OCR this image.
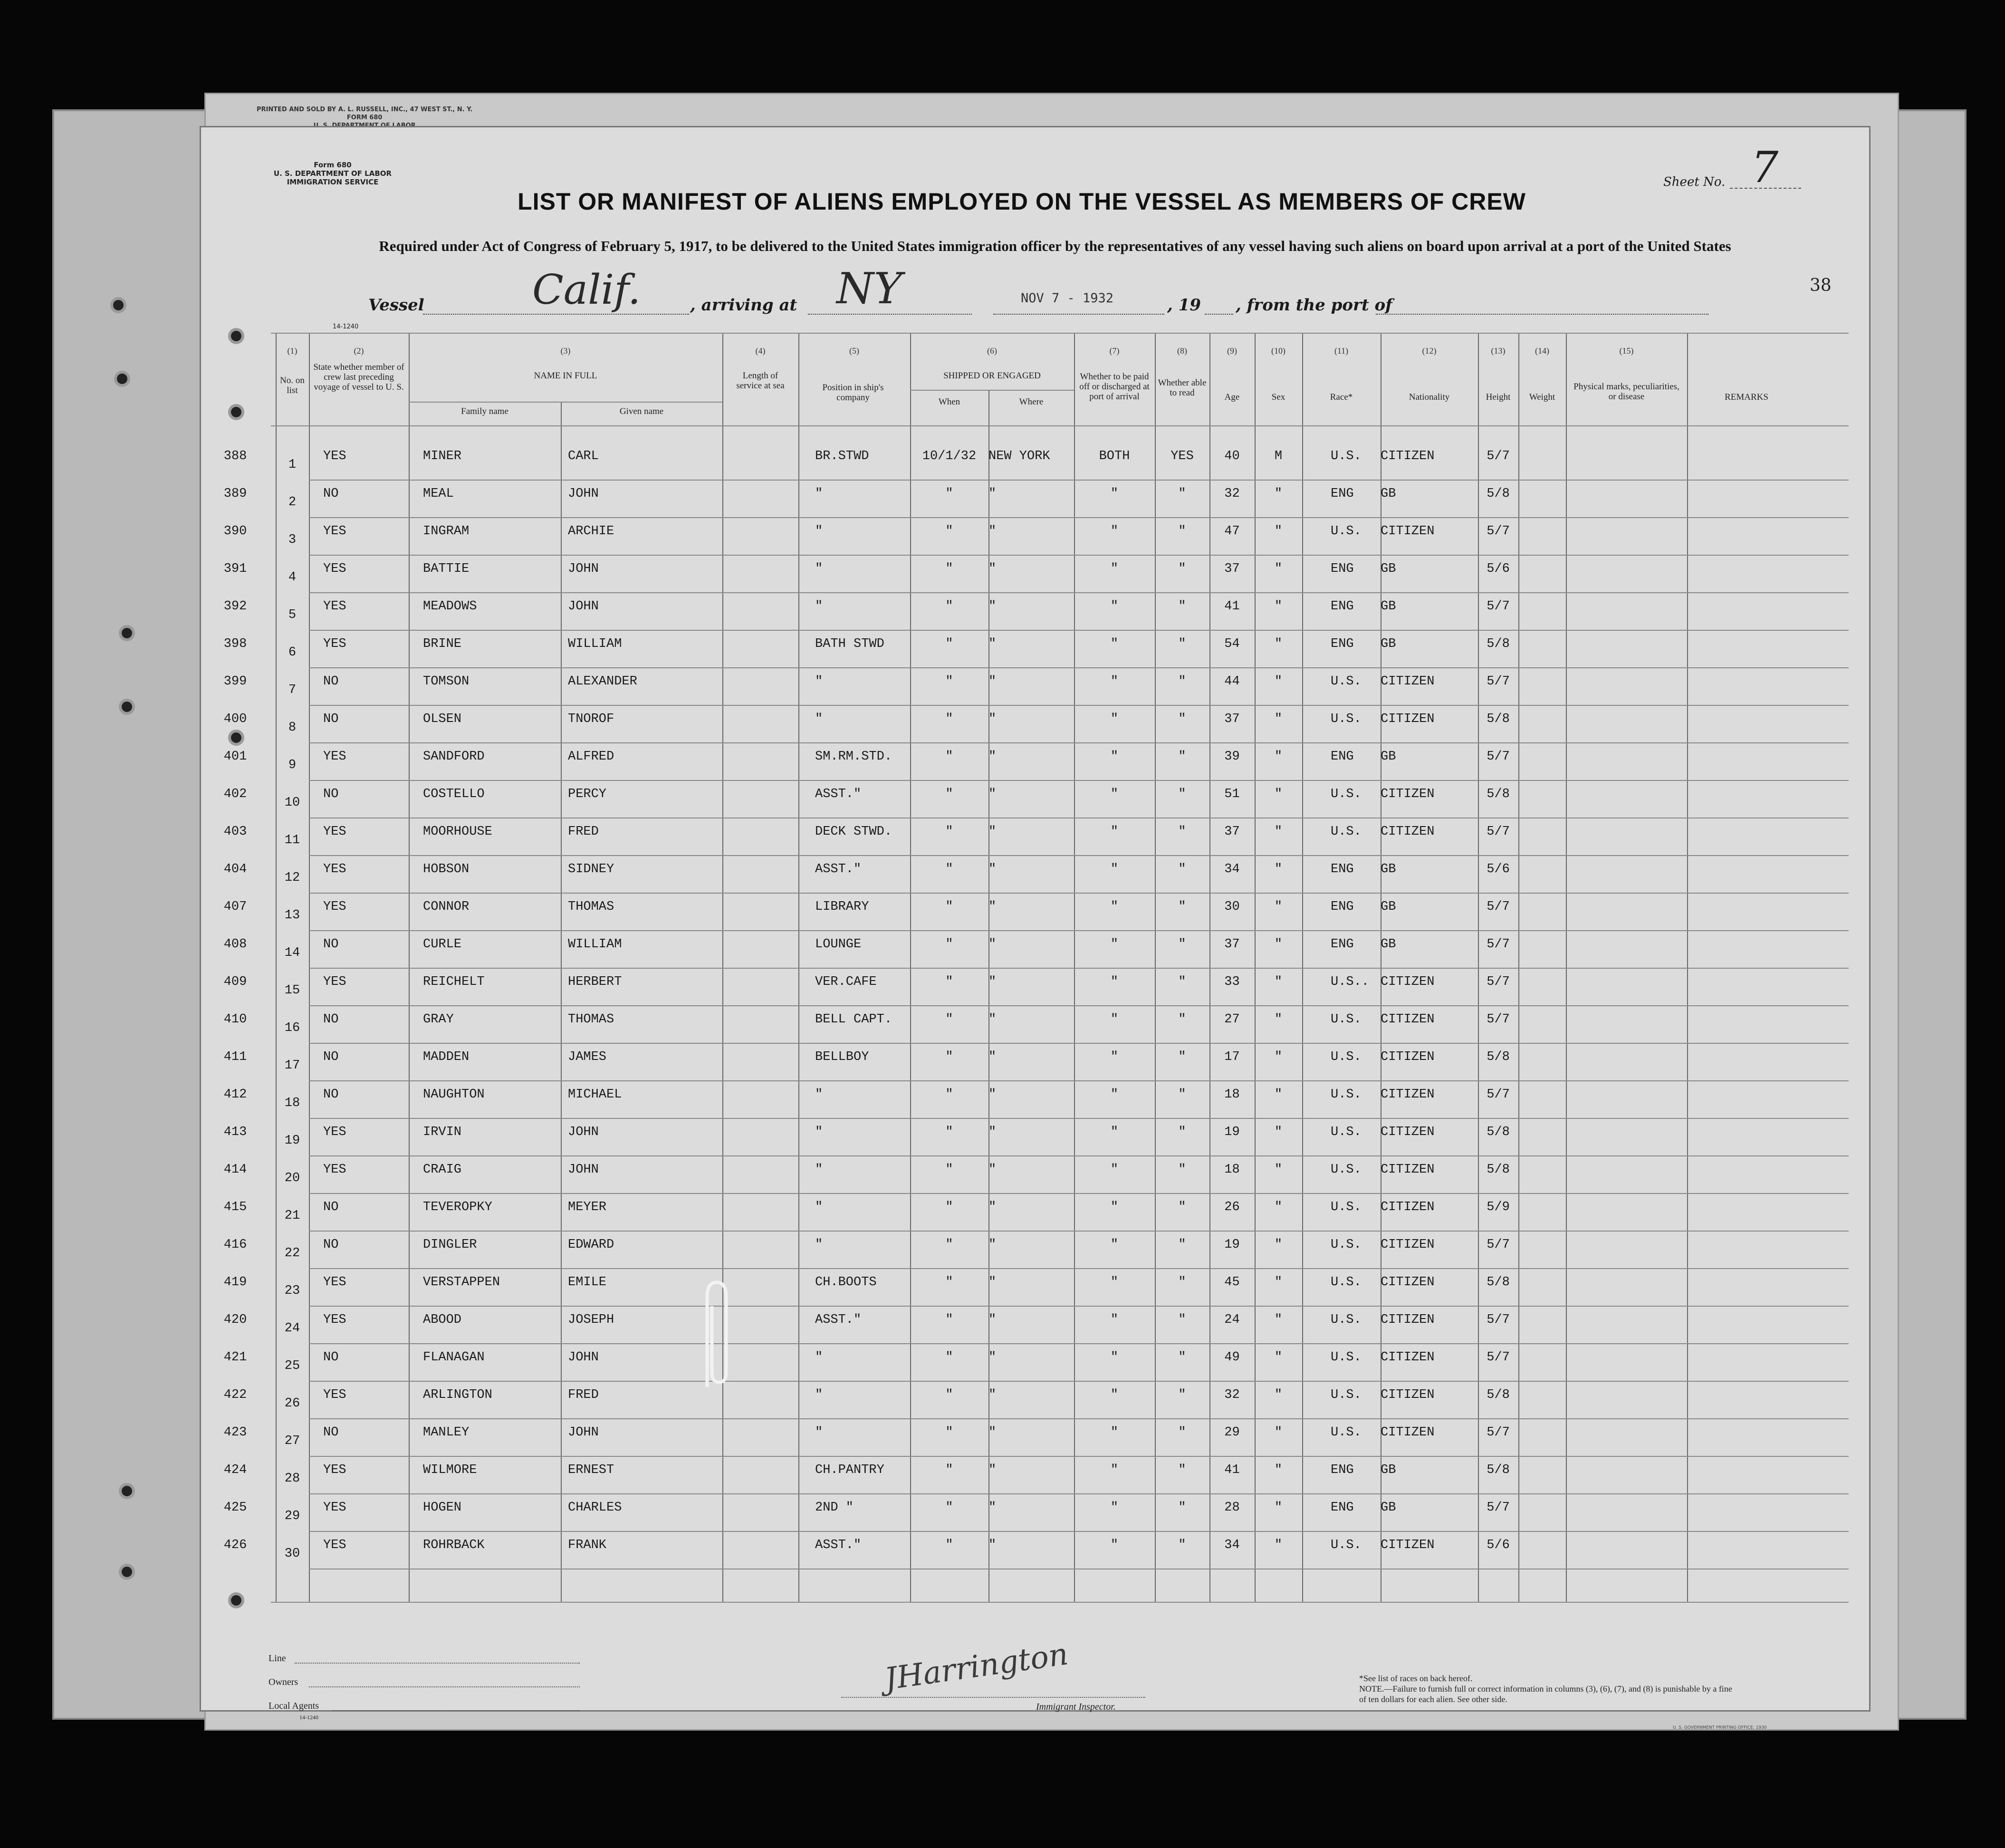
PRINTED AND SOLD BY A. L. RUSSELL, INC., 47 WEST ST., N. Y.
FORM 680
Form 680
U. S. DEPARTMENT OF LABOR
IMMIGRATION SERVICE
14-1240
LIST OR MANIFEST OF ALIENS EMPLOYED ON THE VESSEL AS MEMBERS OF CREW
Required under Act of Congress of February 5, 1917, to be delivered to the United States immigration officer by the representatives of any vessel having such aliens on board upon arrival at a port of the United States
Sheet No. 7
38
Vessel	Calif.	, arriving at NY	NOV 7 - 1932	, 19 , from the port of
(1)	(2)	(3)	(4)	(5)	(6)	(7)	(8)	(9)	(10)	(11)	(12)	(13)	(14)	(15)
No. on list
State whether member of crew last preceding voyage of vessel to U. S.
NAME IN FULL
Family name	Given name
Length of service at sea	Position in ship's company
SHIPPED OR ENGAGED
When	Where
Whether to be paid off or discharged at port of arrival
Whether able to read	Age	Sex	Race*	Nationality	Height	Weight
Physical marks, peculiarities, or disease	REMARKS
388
1
YES	MINER	CARL	BR.STWD	10/1/32 NEW YORK	BOTH	YES	40	M	U.S.	CITIZEN	5/7
389
2
NO	MEAL	JOHN	"	"	"	"	"	32	"	ENG	GB	5/8
390
3
YES	INGRAM	ARCHIE	"	"	"	"	"	47	"	U.S.	CITIZEN	5/7
391
4
YES	BATTIE	JOHN	"	"	"	"	"	37	"	ENG	GB	5/6
392
5
YES	MEADOWS	JOHN	"	"	"	"	"	41	"	ENG	GB	5/7
398
6
YES	BRINE	WILLIAM	BATH STWD	"	"	"	"	54	"	ENG	GB	5/8
399
7
NO	TOMSON	ALEXANDER	"	"	"	"	"	44	"	U.S.	CITIZEN	5/7
400
8
NO	OLSEN	TNOROF	"	"	"	"	"	37	"	U.S.	CITIZEN	5/8
401
9
YES	SANDFORD	ALFRED	SM.RM.STD.	"	"	"	"	39	"	ENG	GB	5/7
402
10
NO	COSTELLO	PERCY	ASST."	"	"	"	"	51	"	U.S.	CITIZEN	5/8
403
11
YES	MOORHOUSE	FRED	DECK STWD.	"	"	"	"	37	"	U.S.	CITIZEN	5/7
404
12
YES	HOBSON	SIDNEY	ASST."	"	"	"	"	34	"	ENG	GB	5/6
407
13
YES	CONNOR	THOMAS	LIBRARY	"	"	"	"	30	"	ENG	GB	5/7
408
14
NO	CURLE	WILLIAM	LOUNGE	"	"	"	"	37	"	ENG	GB	5/7
409
15
YES	REICHELT	HERBERT	VER.CAFE	"	"	"	"	33	"	U.S.. CITIZEN	5/7
410
16
NO	GRAY	THOMAS	BELL CAPT.	"	"	"	"	27	"	U.S.	CITIZEN	5/7
411
17
NO	MADDEN	JAMES	BELLBOY	"	"	"	"	17	"	U.S.	CITIZEN	5/8
412
18
NO	NAUGHTON	MICHAEL	"	"	"	"	"	18	"	U.S.	CITIZEN	5/7
413
19
YES	IRVIN	JOHN	"	"	"	"	"	19	"	U.S.	CITIZEN	5/8
414
20
YES	CRAIG	JOHN	"	"	"	"	"	18	"	U.S.	CITIZEN	5/8
415
21
NO	TEVEROPKY	MEYER	"	"	"	"	"	26	"	U.S.	CITIZEN	5/9
416
22
NO	DINGLER	EDWARD	"	"	"	"	"	19	"	U.S.	CITIZEN	5/7
419
23
YES	VERSTAPPEN	EMILE	CH.BOOTS	"	"	"	"	45	"	U.S.	CITIZEN	5/8
420
24
YES	ABOOD	JOSEPH	ASST."	"	"	"	"	24	"	U.S.	CITIZEN	5/7
421
25
NO	FLANAGAN	JOHN	"	"	"	"	"	49	"	U.S.	CITIZEN	5/7
422
26
YES	ARLINGTON	FRED	"	"	"	"	"	32	"	U.S.	CITIZEN	5/8
423
27
NO	MANLEY	JOHN	"	"	"	"	"	29	"	U.S.	CITIZEN	5/7
424
28
YES	WILMORE	ERNEST	CH.PANTRY	"	"	"	"	41	"	ENG	GB	5/8
425
29
YES	HOGEN	CHARLES	2ND "	"	"	"	"	28	"	ENG	GB	5/7
426
30
YES	ROHRBACK	FRANK	ASST."	"	"	"	"	34	"	U.S.	CITIZEN	5/6
Line
Owners
Local Agents
14-1240
JHarrington
Immigrant Inspector.
*See list of races on back hereof.
NOTE.—Failure to furnish full or correct information in columns (3), (6), (7), and (8) is punishable by a fine of ten dollars for each alien. See other side.
U. S. GOVERNMENT PRINTING OFFICE: 1930
